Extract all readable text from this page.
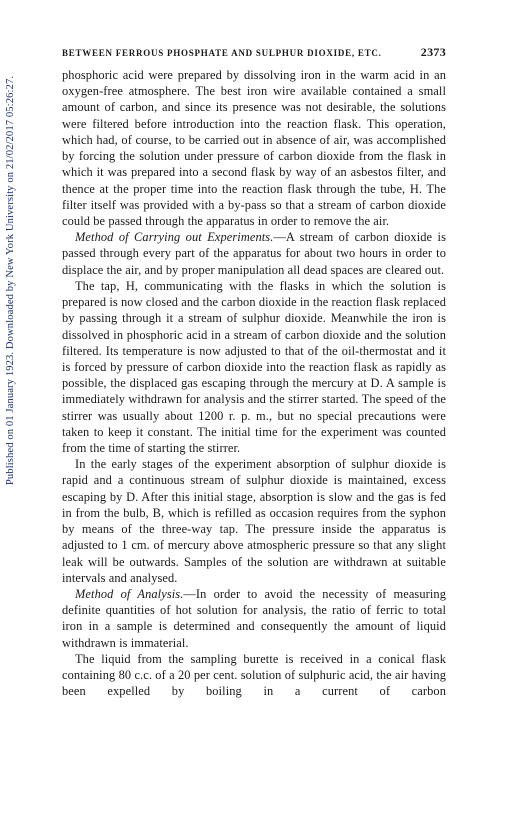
Published on 01 January 1923. Downloaded by New York University on 21/02/2017 05:26:27.
BETWEEN FERROUS PHOSPHATE AND SULPHUR DIOXIDE, ETC.	2373

phosphoric acid were prepared by dissolving iron in the warm acid in an oxygen-free atmosphere. The best iron wire available contained a small amount of carbon, and since its presence was not desirable, the solutions were filtered before introduction into the reaction flask. This operation, which had, of course, to be carried out in absence of air, was accomplished by forcing the solution under pressure of carbon dioxide from the flask in which it was prepared into a second flask by way of an asbestos filter, and thence at the proper time into the reaction flask through the tube, H. The filter itself was provided with a by-pass so that a stream of carbon dioxide could be passed through the apparatus in order to remove the air.

Method of Carrying out Experiments.—A stream of carbon dioxide is passed through every part of the apparatus for about two hours in order to displace the air, and by proper manipulation all dead spaces are cleared out.

The tap, H, communicating with the flasks in which the solution is prepared is now closed and the carbon dioxide in the reaction flask replaced by passing through it a stream of sulphur dioxide. Meanwhile the iron is dissolved in phosphoric acid in a stream of carbon dioxide and the solution filtered. Its temperature is now adjusted to that of the oil-thermostat and it is forced by pressure of carbon dioxide into the reaction flask as rapidly as possible, the displaced gas escaping through the mercury at D. A sample is immediately withdrawn for analysis and the stirrer started. The speed of the stirrer was usually about 1200 r. p. m., but no special precautions were taken to keep it constant. The initial time for the experiment was counted from the time of starting the stirrer.

In the early stages of the experiment absorption of sulphur dioxide is rapid and a continuous stream of sulphur dioxide is maintained, excess escaping by D. After this initial stage, absorption is slow and the gas is fed in from the bulb, B, which is refilled as occasion requires from the syphon by means of the three-way tap. The pressure inside the apparatus is adjusted to 1 cm. of mercury above atmospheric pressure so that any slight leak will be outwards. Samples of the solution are withdrawn at suitable intervals and analysed.

Method of Analysis.—In order to avoid the necessity of measuring definite quantities of hot solution for analysis, the ratio of ferric to total iron in a sample is determined and consequently the amount of liquid withdrawn is immaterial.

The liquid from the sampling burette is received in a conical flask containing 80 c.c. of a 20 per cent. solution of sulphuric acid, the air having been expelled by boiling in a current of carbon
